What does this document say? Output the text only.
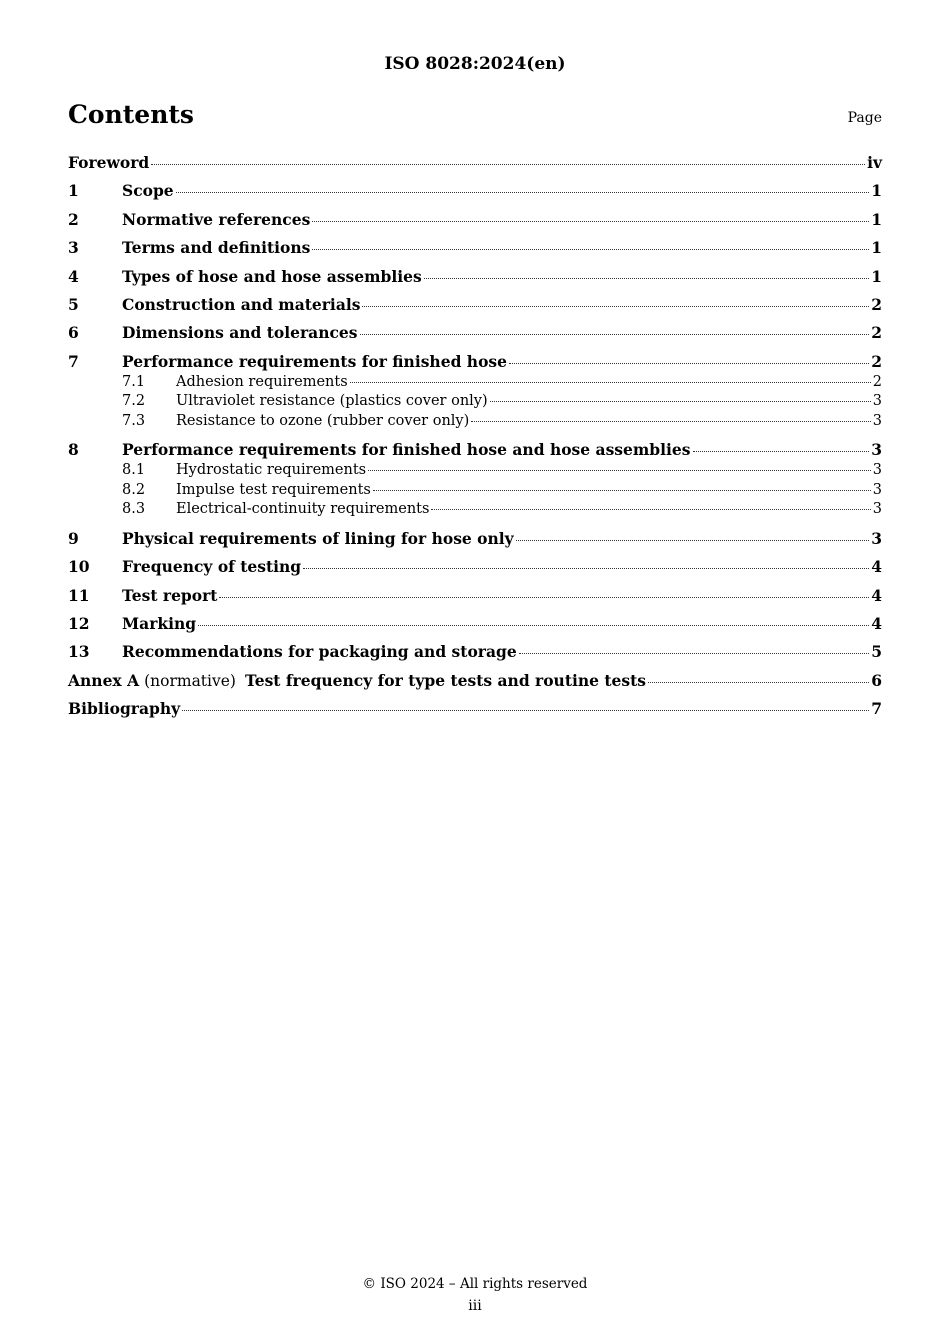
ISO 8028:2024(en)
Contents	Page
Foreword	iv
1	Scope	1
2	Normative references	1
3	Terms and definitions	1
4	Types of hose and hose assemblies	1
5	Construction and materials	2
6	Dimensions and tolerances	2
7	Performance requirements for finished hose	2
7.1	Adhesion requirements	2
7.2	Ultraviolet resistance (plastics cover only)	3
7.3	Resistance to ozone (rubber cover only)	3
8	Performance requirements for finished hose and hose assemblies	3
8.1	Hydrostatic requirements	3
8.2	Impulse test requirements	3
8.3	Electrical-continuity requirements	3
9	Physical requirements of lining for hose only	3
10	Frequency of testing	4
11	Test report	4
12	Marking	4
13	Recommendations for packaging and storage	5
Annex A (normative) Test frequency for type tests and routine tests	6
Bibliography	7
© ISO 2024 – All rights reserved
iii
